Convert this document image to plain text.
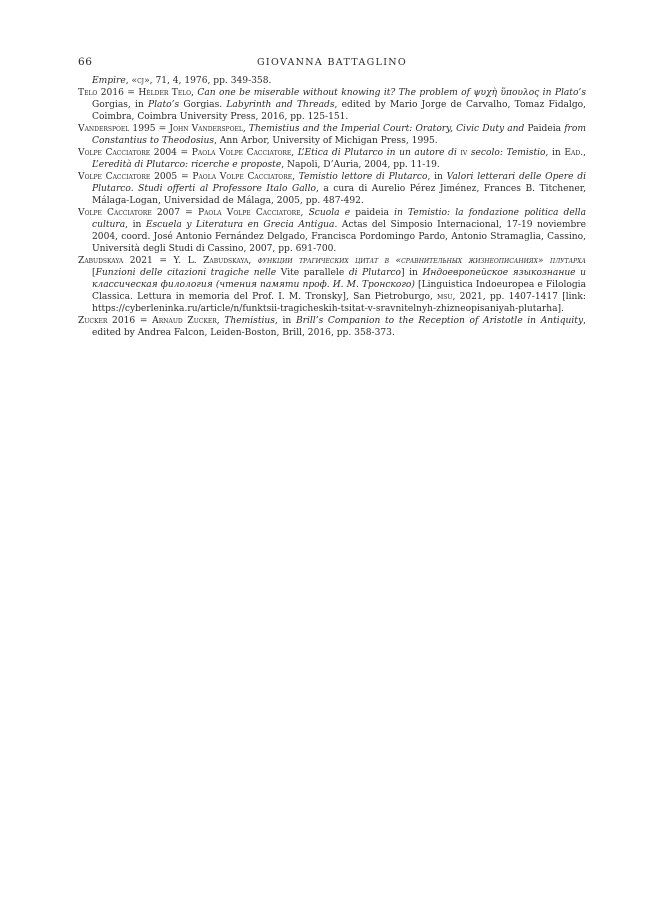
66	GIOVANNA BATTAGLINO

Empire, «cj», 71, 4, 1976, pp. 349-358.

Telo 2016 = Hélder Telo, Can one be miserable without knowing it? The problem of ψυχὴ ὕπουλος in Plato’s Gorgias, in Plato’s Gorgias. Labyrinth and Threads, edited by Mario Jorge de Carvalho, Tomaz Fidalgo, Coimbra, Coimbra University Press, 2016, pp. 125-151.

Vanderspoel 1995 = John Vanderspoel, Themistius and the Imperial Court: Oratory, Civic Duty and Paideia from Constantius to Theodosius, Ann Arbor, University of Michigan Press, 1995.

Volpe Cacciatore 2004 = Paola Volpe Cacciatore, L’Etica di Plutarco in un autore di iv secolo: Temistio, in Ead., L’eredità di Plutarco: ricerche e proposte, Napoli, D’Auria, 2004, pp. 11-19.

Volpe Cacciatore 2005 = Paola Volpe Cacciatore, Temistio lettore di Plutarco, in Valori letterari delle Opere di Plutarco. Studi offerti al Professore Italo Gallo, a cura di Aurelio Pérez Jiménez, Frances B. Titchener, Málaga-Logan, Universidad de Málaga, 2005, pp. 487-492.

Volpe Cacciatore 2007 = Paola Volpe Cacciatore, Scuola e paideia in Temistio: la fondazione politica della cultura, in Escuela y Literatura en Grecia Antigua. Actas del Simposio Internacional, 17-19 noviembre 2004, coord. José Antonio Fernández Delgado, Francisca Pordomingo Pardo, Antonio Stramaglia, Cassino, Università degli Studi di Cassino, 2007, pp. 691-700.

Zabudskaya 2021 = Y. L. Zabudskaya, функции трагических цитат в «сравнительных жизнеописаниях» плутарха [Funzioni delle citazioni tragiche nelle Vite parallele di Plutarco] in Индоевропейское языкознание и классическая филология (чтения памяти проф. И. М. Тронского) [Linguistica Indoeuropea e Filologia Classica. Lettura in memoria del Prof. I. M. Tronsky], San Pietroburgo, msu, 2021, pp. 1407-1417 [link: https://cyberleninka.ru/article/n/funktsii-tragicheskih-tsitat-v-sravnitelnyh-zhizneopisaniyah-plutarha].

Zucker 2016 = Arnaud Zucker, Themistius, in Brill’s Companion to the Reception of Aristotle in Antiquity, edited by Andrea Falcon, Leiden-Boston, Brill, 2016, pp. 358-373.
